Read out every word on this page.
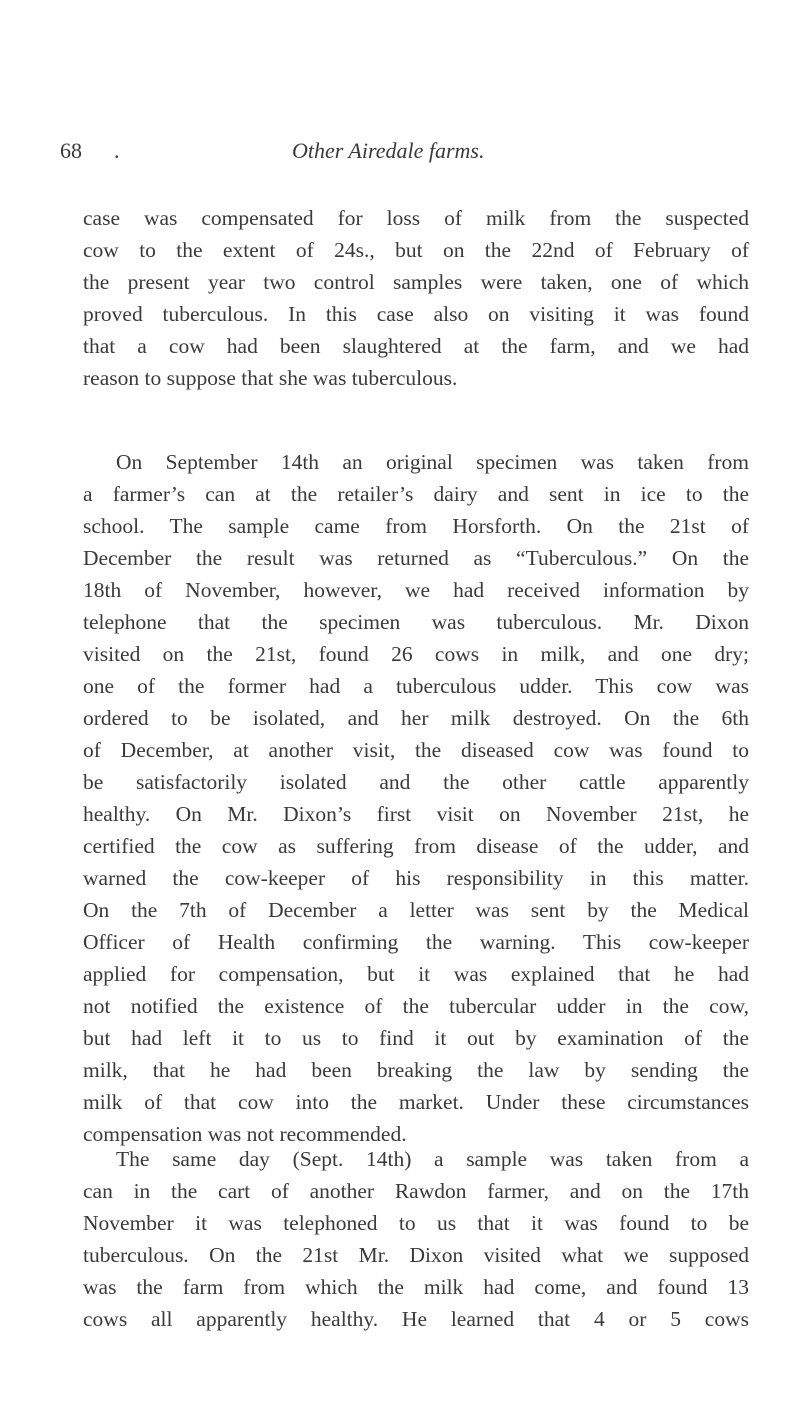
68 .	Other Airedale farms.

case was compensated for loss of milk from the suspected
cow to the extent of 24s., but on the 22nd of February of
the present year two control samples were taken, one of which
proved tuberculous. In this case also on visiting it was found
that a cow had been slaughtered at the farm, and we had
reason to suppose that she was tuberculous.

On September 14th an original specimen was taken from
a farmer’s can at the retailer’s dairy and sent in ice to the
school. The sample came from Horsforth. On the 21st of
December the result was returned as “Tuberculous.” On the
18th of November, however, we had received information by
telephone that the specimen was tuberculous. Mr. Dixon
visited on the 21st, found 26 cows in milk, and one dry;
one of the former had a tuberculous udder. This cow was
ordered to be isolated, and her milk destroyed. On the 6th
of December, at another visit, the diseased cow was found to
be satisfactorily isolated and the other cattle apparently
healthy. On Mr. Dixon’s first visit on November 21st, he
certified the cow as suffering from disease of the udder, and
warned the cow-keeper of his responsibility in this matter.
On the 7th of December a letter was sent by the Medical
Officer of Health confirming the warning. This cow-keeper
applied for compensation, but it was explained that he had
not notified the existence of the tubercular udder in the cow,
but had left it to us to find it out by examination of the
milk, that he had been breaking the law by sending the
milk of that cow into the market. Under these circumstances
compensation was not recommended.

The same day (Sept. 14th) a sample was taken from a
can in the cart of another Rawdon farmer, and on the 17th
November it was telephoned to us that it was found to be
tuberculous. On the 21st Mr. Dixon visited what we supposed
was the farm from which the milk had come, and found 13
cows all apparently healthy. He learned that 4 or 5 cows
